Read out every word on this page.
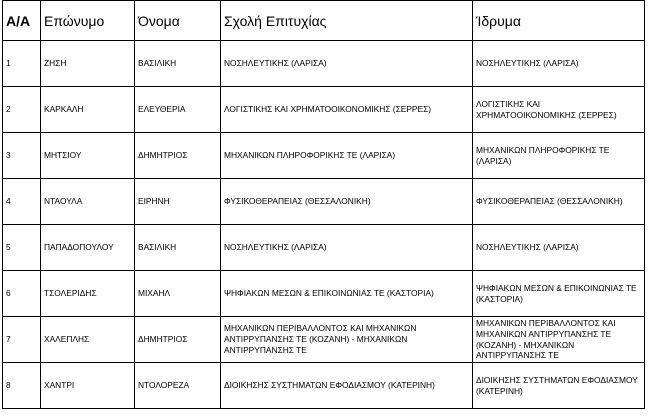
Α/Α	Επώνυμο	Όνομα	Σχολή Επιτυχίας	Ίδρυμα
1	ΖΗΣΗ	ΒΑΣΙΛΙΚΗ	ΝΟΣΗΛΕΥΤΙΚΗΣ (ΛΑΡΙΣΑ)	ΝΟΣΗΛΕΥΤΙΚΗΣ (ΛΑΡΙΣΑ)
2	ΚΑΡΚΑΛΗ	ΕΛΕΥΘΕΡΙΑ	ΛΟΓΙΣΤΙΚΗΣ ΚΑΙ ΧΡΗΜΑΤΟΟΙΚΟΝΟΜΙΚΗΣ (ΣΕΡΡΕΣ)	ΛΟΓΙΣΤΙΚΗΣ ΚΑΙ ΧΡΗΜΑΤΟΟΙΚΟΝΟΜΙΚΗΣ (ΣΕΡΡΕΣ)
3	ΜΗΤΣΙΟΥ	ΔΗΜΗΤΡΙΟΣ	ΜΗΧΑΝΙΚΩΝ ΠΛΗΡΟΦΟΡΙΚΗΣ ΤΕ (ΛΑΡΙΣΑ)	ΜΗΧΑΝΙΚΩΝ ΠΛΗΡΟΦΟΡΙΚΗΣ ΤΕ (ΛΑΡΙΣΑ)
4	ΝΤΑΟΥΛΑ	ΕΙΡΗΝΗ	ΦΥΣΙΚΟΘΕΡΑΠΕΙΑΣ (ΘΕΣΣΑΛΟΝΙΚΗ)	ΦΥΣΙΚΟΘΕΡΑΠΕΙΑΣ (ΘΕΣΣΑΛΟΝΙΚΗ)
5	ΠΑΠΑΔΟΠΟΥΛΟΥ	ΒΑΣΙΛΙΚΗ	ΝΟΣΗΛΕΥΤΙΚΗΣ (ΛΑΡΙΣΑ)	ΝΟΣΗΛΕΥΤΙΚΗΣ (ΛΑΡΙΣΑ)
6	ΤΣΟΛΕΡΙΔΗΣ	ΜΙΧΑΗΛ	ΨΗΦΙΑΚΩΝ ΜΕΣΩΝ & ΕΠΙΚΟΙΝΩΝΙΑΣ ΤΕ (ΚΑΣΤΟΡΙΑ)	ΨΗΦΙΑΚΩΝ ΜΕΣΩΝ & ΕΠΙΚΟΙΝΩΝΙΑΣ ΤΕ (ΚΑΣΤΟΡΙΑ)
7	ΧΑΛΕΠΛΗΣ	ΔΗΜΗΤΡΙΟΣ	ΜΗΧΑΝΙΚΩΝ ΠΕΡΙΒΑΛΛΟΝΤΟΣ ΚΑΙ ΜΗΧΑΝΙΚΩΝ ΑΝΤΙΡΡΥΠΑΝΣΗΣ ΤΕ (ΚΟΖΑΝΗ) - ΜΗΧΑΝΙΚΩΝ ΑΝΤΙΡΡΥΠΑΝΣΗΣ ΤΕ	ΜΗΧΑΝΙΚΩΝ ΠΕΡΙΒΑΛΛΟΝΤΟΣ ΚΑΙ ΜΗΧΑΝΙΚΩΝ ΑΝΤΙΡΡΥΠΑΝΣΗΣ ΤΕ (ΚΟΖΑΝΗ) - ΜΗΧΑΝΙΚΩΝ ΑΝΤΙΡΡΥΠΑΝΣΗΣ ΤΕ
8	ΧΑΝΤΡΙ	ΝΤΟΛΟΡΕΖΑ	ΔΙΟΙΚΗΣΗΣ ΣΥΣΤΗΜΑΤΩΝ ΕΦΟΔΙΑΣΜΟΥ (ΚΑΤΕΡΙΝΗ)	ΔΙΟΙΚΗΣΗΣ ΣΥΣΤΗΜΑΤΩΝ ΕΦΟΔΙΑΣΜΟΥ (ΚΑΤΕΡΙΝΗ)
